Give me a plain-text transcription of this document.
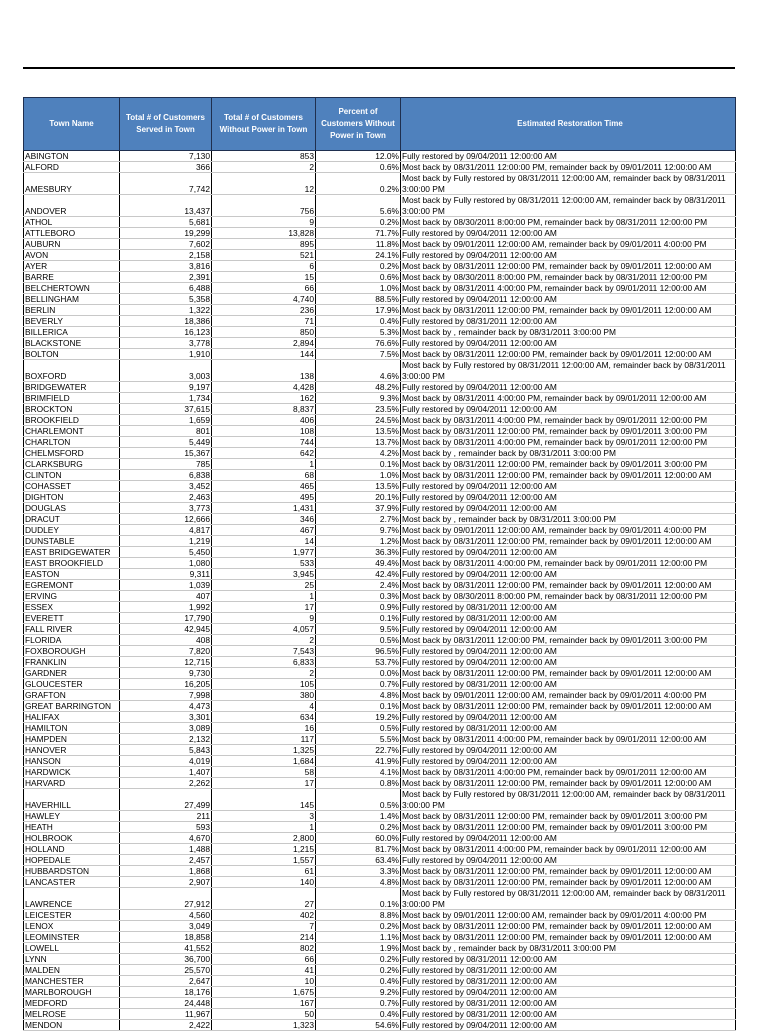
Town Name	Total # of Customers Served in Town	Total # of Customers Without Power in Town	Percent of Customers Without Power in Town	Estimated Restoration Time
ABINGTON	7,130	853	12.0%	Fully restored by 09/04/2011 12:00:00 AM
ALFORD	366	2	0.6%	Most back by 08/31/2011 12:00:00 PM, remainder back by 09/01/2011 12:00:00 AM
AMESBURY	7,742	12	0.2%	Most back by Fully restored by 08/31/2011 12:00:00 AM, remainder back by 08/31/2011 3:00:00 PM
ANDOVER	13,437	756	5.6%	Most back by Fully restored by 08/31/2011 12:00:00 AM, remainder back by 08/31/2011 3:00:00 PM
ATHOL	5,681	9	0.2%	Most back by 08/30/2011 8:00:00 PM, remainder back by 08/31/2011 12:00:00 PM
ATTLEBORO	19,299	13,828	71.7%	Fully restored by 09/04/2011 12:00:00 AM
AUBURN	7,602	895	11.8%	Most back by 09/01/2011 12:00:00 AM, remainder back by 09/01/2011 4:00:00 PM
AVON	2,158	521	24.1%	Fully restored by 09/04/2011 12:00:00 AM
AYER	3,816	6	0.2%	Most back by 08/31/2011 12:00:00 PM, remainder back by 09/01/2011 12:00:00 AM
BARRE	2,391	15	0.6%	Most back by 08/30/2011 8:00:00 PM, remainder back by 08/31/2011 12:00:00 PM
BELCHERTOWN	6,488	66	1.0%	Most back by 08/31/2011 4:00:00 PM, remainder back by 09/01/2011 12:00:00 AM
BELLINGHAM	5,358	4,740	88.5%	Fully restored by 09/04/2011 12:00:00 AM
BERLIN	1,322	236	17.9%	Most back by 08/31/2011 12:00:00 PM, remainder back by 09/01/2011 12:00:00 AM
BEVERLY	18,386	71	0.4%	Fully restored by 08/31/2011 12:00:00 AM
BILLERICA	16,123	850	5.3%	Most back by , remainder back by 08/31/2011 3:00:00 PM
BLACKSTONE	3,778	2,894	76.6%	Fully restored by 09/04/2011 12:00:00 AM
BOLTON	1,910	144	7.5%	Most back by 08/31/2011 12:00:00 PM, remainder back by 09/01/2011 12:00:00 AM
BOXFORD	3,003	138	4.6%	Most back by Fully restored by 08/31/2011 12:00:00 AM, remainder back by 08/31/2011 3:00:00 PM
BRIDGEWATER	9,197	4,428	48.2%	Fully restored by 09/04/2011 12:00:00 AM
BRIMFIELD	1,734	162	9.3%	Most back by 08/31/2011 4:00:00 PM, remainder back by 09/01/2011 12:00:00 AM
BROCKTON	37,615	8,837	23.5%	Fully restored by 09/04/2011 12:00:00 AM
BROOKFIELD	1,659	406	24.5%	Most back by 08/31/2011 4:00:00 PM, remainder back by 09/01/2011 12:00:00 PM
CHARLEMONT	801	108	13.5%	Most back by 08/31/2011 12:00:00 PM, remainder back by 09/01/2011 3:00:00 PM
CHARLTON	5,449	744	13.7%	Most back by 08/31/2011 4:00:00 PM, remainder back by 09/01/2011 12:00:00 PM
CHELMSFORD	15,367	642	4.2%	Most back by , remainder back by 08/31/2011 3:00:00 PM
CLARKSBURG	785	1	0.1%	Most back by 08/31/2011 12:00:00 PM, remainder back by 09/01/2011 3:00:00 PM
CLINTON	6,838	68	1.0%	Most back by 08/31/2011 12:00:00 PM, remainder back by 09/01/2011 12:00:00 AM
COHASSET	3,452	465	13.5%	Fully restored by 09/04/2011 12:00:00 AM
DIGHTON	2,463	495	20.1%	Fully restored by 09/04/2011 12:00:00 AM
DOUGLAS	3,773	1,431	37.9%	Fully restored by 09/04/2011 12:00:00 AM
DRACUT	12,666	346	2.7%	Most back by , remainder back by 08/31/2011 3:00:00 PM
DUDLEY	4,817	467	9.7%	Most back by 09/01/2011 12:00:00 AM, remainder back by 09/01/2011 4:00:00 PM
DUNSTABLE	1,219	14	1.2%	Most back by 08/31/2011 12:00:00 PM, remainder back by 09/01/2011 12:00:00 AM
EAST BRIDGEWATER	5,450	1,977	36.3%	Fully restored by 09/04/2011 12:00:00 AM
EAST BROOKFIELD	1,080	533	49.4%	Most back by 08/31/2011 4:00:00 PM, remainder back by 09/01/2011 12:00:00 PM
EASTON	9,311	3,945	42.4%	Fully restored by 09/04/2011 12:00:00 AM
EGREMONT	1,039	25	2.4%	Most back by 08/31/2011 12:00:00 PM, remainder back by 09/01/2011 12:00:00 AM
ERVING	407	1	0.3%	Most back by 08/30/2011 8:00:00 PM, remainder back by 08/31/2011 12:00:00 PM
ESSEX	1,992	17	0.9%	Fully restored by 08/31/2011 12:00:00 AM
EVERETT	17,790	9	0.1%	Fully restored by 08/31/2011 12:00:00 AM
FALL RIVER	42,945	4,057	9.5%	Fully restored by 09/04/2011 12:00:00 AM
FLORIDA	408	2	0.5%	Most back by 08/31/2011 12:00:00 PM, remainder back by 09/01/2011 3:00:00 PM
FOXBOROUGH	7,820	7,543	96.5%	Fully restored by 09/04/2011 12:00:00 AM
FRANKLIN	12,715	6,833	53.7%	Fully restored by 09/04/2011 12:00:00 AM
GARDNER	9,730	2	0.0%	Most back by 08/31/2011 12:00:00 PM, remainder back by 09/01/2011 12:00:00 AM
GLOUCESTER	16,205	105	0.7%	Fully restored by 08/31/2011 12:00:00 AM
GRAFTON	7,998	380	4.8%	Most back by 09/01/2011 12:00:00 AM, remainder back by 09/01/2011 4:00:00 PM
GREAT BARRINGTON	4,473	4	0.1%	Most back by 08/31/2011 12:00:00 PM, remainder back by 09/01/2011 12:00:00 AM
HALIFAX	3,301	634	19.2%	Fully restored by 09/04/2011 12:00:00 AM
HAMILTON	3,089	16	0.5%	Fully restored by 08/31/2011 12:00:00 AM
HAMPDEN	2,132	117	5.5%	Most back by 08/31/2011 4:00:00 PM, remainder back by 09/01/2011 12:00:00 AM
HANOVER	5,843	1,325	22.7%	Fully restored by 09/04/2011 12:00:00 AM
HANSON	4,019	1,684	41.9%	Fully restored by 09/04/2011 12:00:00 AM
HARDWICK	1,407	58	4.1%	Most back by 08/31/2011 4:00:00 PM, remainder back by 09/01/2011 12:00:00 AM
HARVARD	2,262	17	0.8%	Most back by 08/31/2011 12:00:00 PM, remainder back by 09/01/2011 12:00:00 AM
HAVERHILL	27,499	145	0.5%	Most back by Fully restored by 08/31/2011 12:00:00 AM, remainder back by 08/31/2011 3:00:00 PM
HAWLEY	211	3	1.4%	Most back by 08/31/2011 12:00:00 PM, remainder back by 09/01/2011 3:00:00 PM
HEATH	593	1	0.2%	Most back by 08/31/2011 12:00:00 PM, remainder back by 09/01/2011 3:00:00 PM
HOLBROOK	4,670	2,800	60.0%	Fully restored by 09/04/2011 12:00:00 AM
HOLLAND	1,488	1,215	81.7%	Most back by 08/31/2011 4:00:00 PM, remainder back by 09/01/2011 12:00:00 AM
HOPEDALE	2,457	1,557	63.4%	Fully restored by 09/04/2011 12:00:00 AM
HUBBARDSTON	1,868	61	3.3%	Most back by 08/31/2011 12:00:00 PM, remainder back by 09/01/2011 12:00:00 AM
LANCASTER	2,907	140	4.8%	Most back by 08/31/2011 12:00:00 PM, remainder back by 09/01/2011 12:00:00 AM
LAWRENCE	27,912	27	0.1%	Most back by Fully restored by 08/31/2011 12:00:00 AM, remainder back by 08/31/2011 3:00:00 PM
LEICESTER	4,560	402	8.8%	Most back by 09/01/2011 12:00:00 AM, remainder back by 09/01/2011 4:00:00 PM
LENOX	3,049	7	0.2%	Most back by 08/31/2011 12:00:00 PM, remainder back by 09/01/2011 12:00:00 AM
LEOMINSTER	18,858	214	1.1%	Most back by 08/31/2011 12:00:00 PM, remainder back by 09/01/2011 12:00:00 AM
LOWELL	41,552	802	1.9%	Most back by , remainder back by 08/31/2011 3:00:00 PM
LYNN	36,700	66	0.2%	Fully restored by 08/31/2011 12:00:00 AM
MALDEN	25,570	41	0.2%	Fully restored by 08/31/2011 12:00:00 AM
MANCHESTER	2,647	10	0.4%	Fully restored by 08/31/2011 12:00:00 AM
MARLBOROUGH	18,176	1,675	9.2%	Fully restored by 09/04/2011 12:00:00 AM
MEDFORD	24,448	167	0.7%	Fully restored by 08/31/2011 12:00:00 AM
MELROSE	11,967	50	0.4%	Fully restored by 08/31/2011 12:00:00 AM
MENDON	2,422	1,323	54.6%	Fully restored by 09/04/2011 12:00:00 AM
